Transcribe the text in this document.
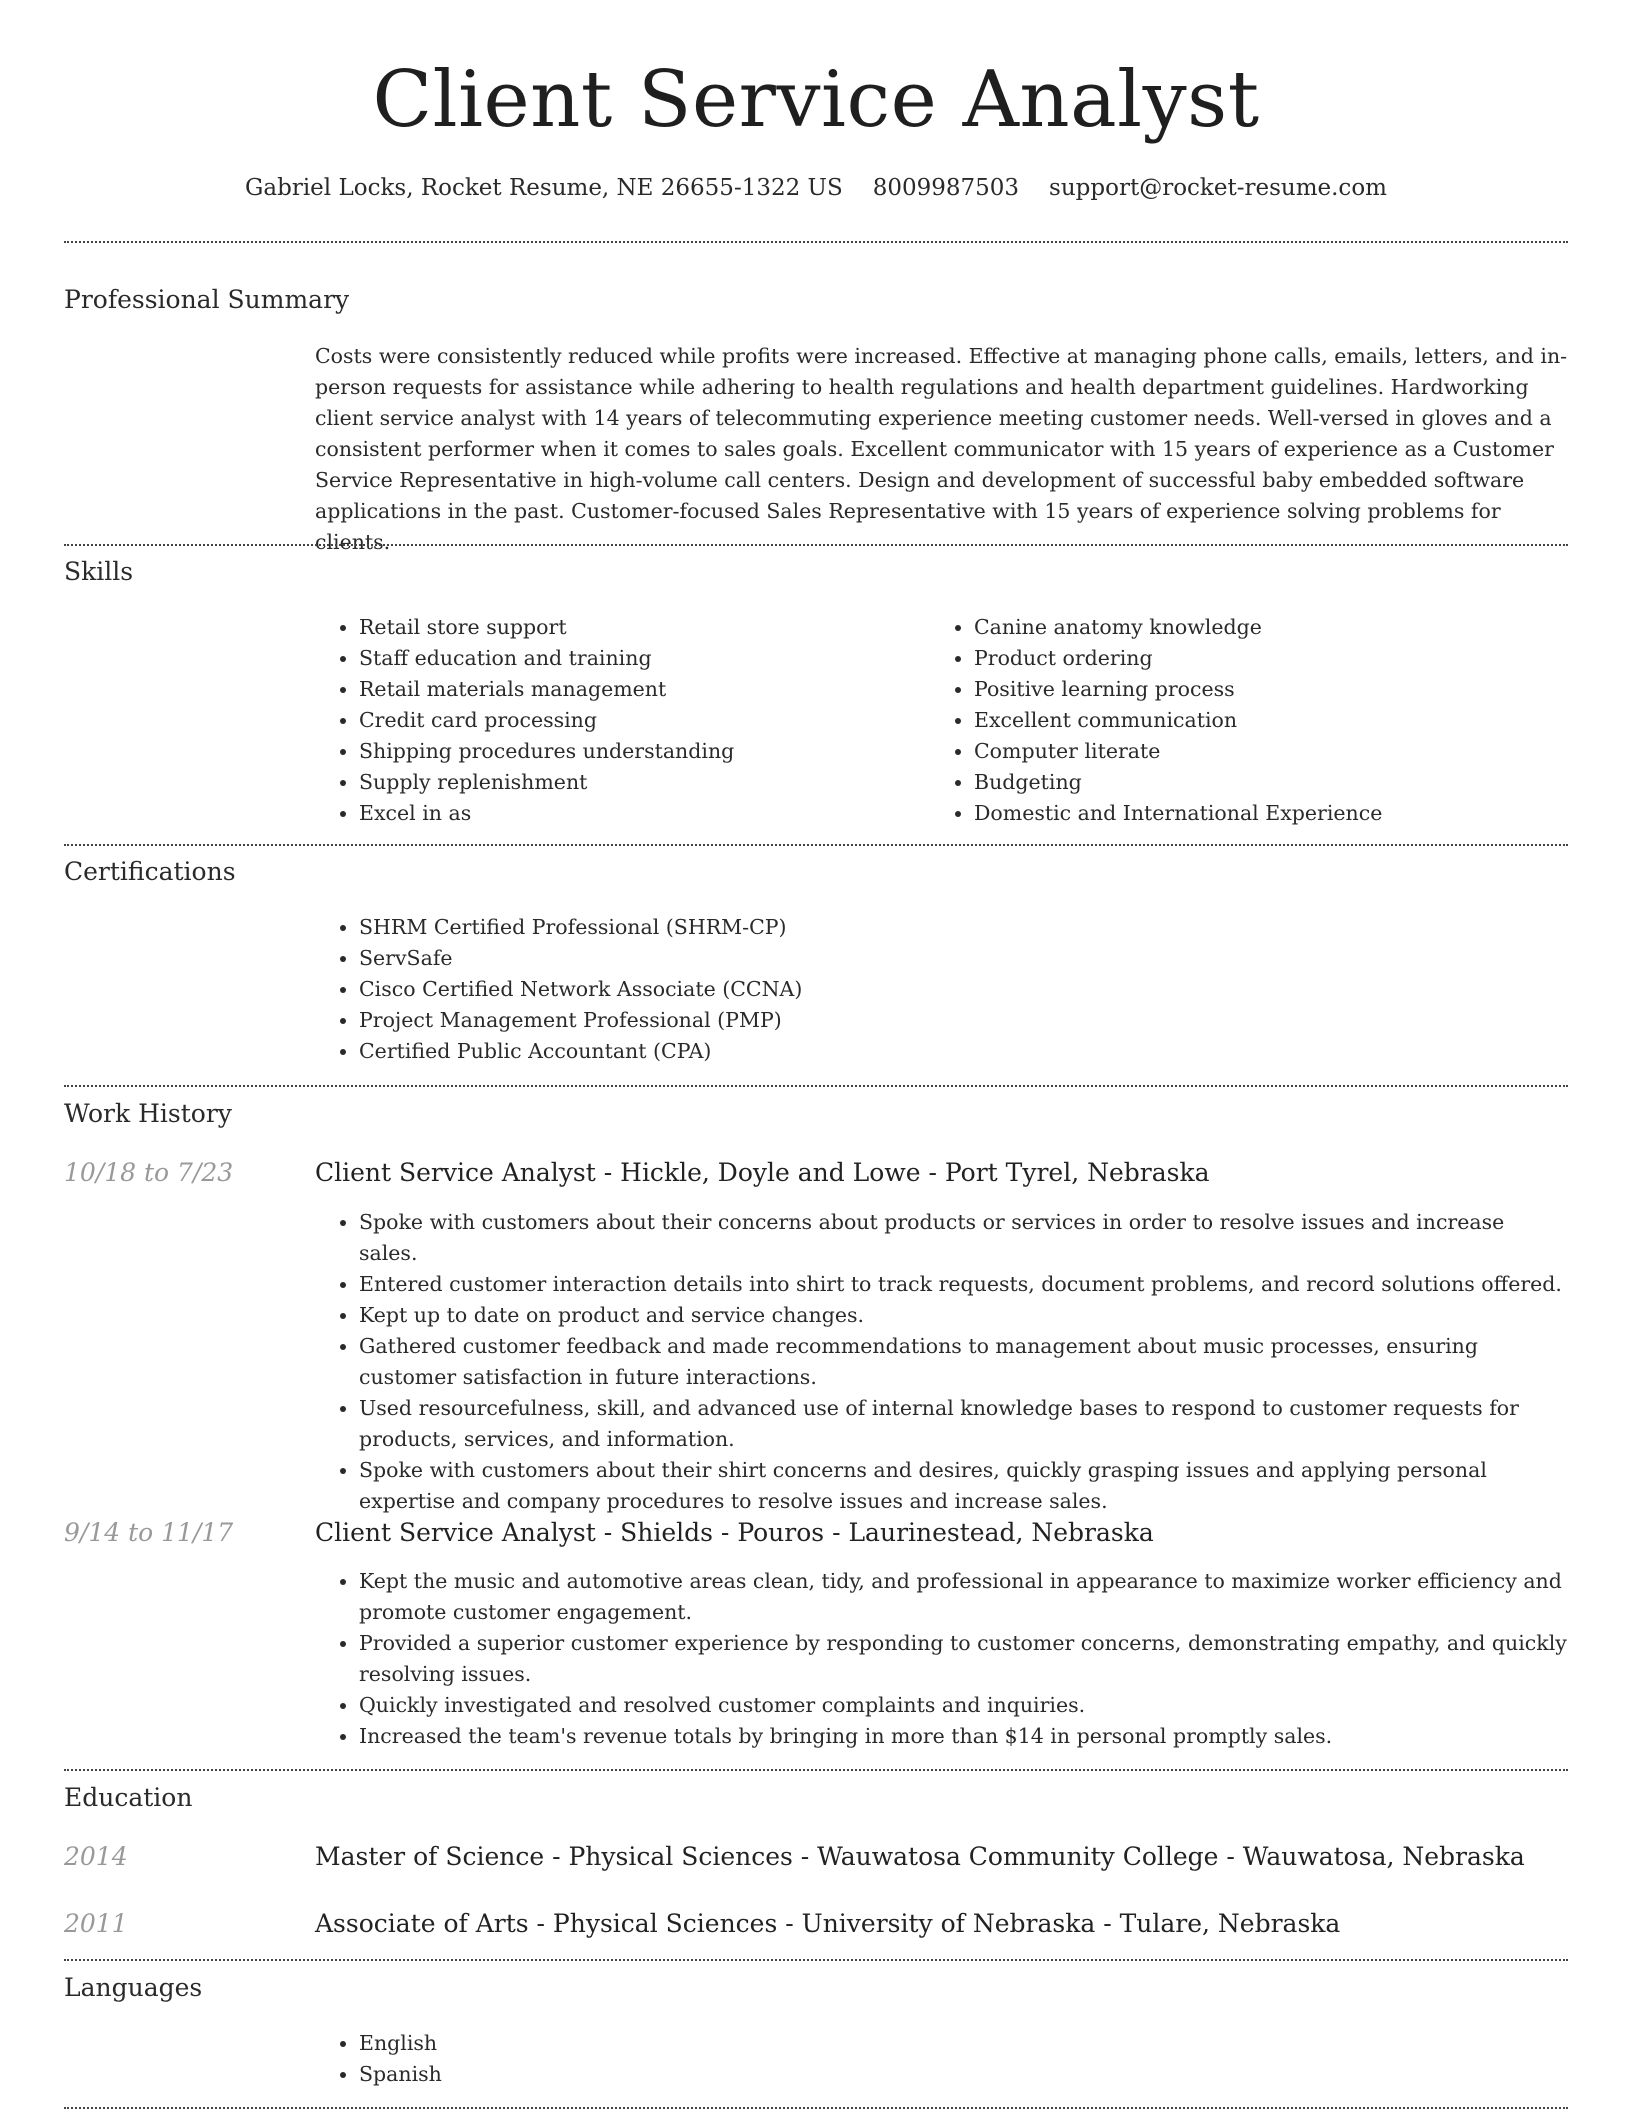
Client Service Analyst
Gabriel Locks, Rocket Resume, NE 26655-1322 US 8009987503 support@rocket-resume.com
Professional Summary
Costs were consistently reduced while profits were increased. Effective at managing phone calls, emails, letters, and in-person requests for assistance while adhering to health regulations and health department guidelines. Hardworking client service analyst with 14 years of telecommuting experience meeting customer needs. Well-versed in gloves and a consistent performer when it comes to sales goals. Excellent communicator with 15 years of experience as a Customer Service Representative in high-volume call centers. Design and development of successful baby embedded software applications in the past. Customer-focused Sales Representative with 15 years of experience solving problems for clients.
Skills
• Retail store support
• Staff education and training
• Retail materials management
• Credit card processing
• Shipping procedures understanding
• Supply replenishment
• Excel in as
• Canine anatomy knowledge
• Product ordering
• Positive learning process
• Excellent communication
• Computer literate
• Budgeting
• Domestic and International Experience
Certifications
• SHRM Certified Professional (SHRM-CP)
• ServSafe
• Cisco Certified Network Associate (CCNA)
• Project Management Professional (PMP)
• Certified Public Accountant (CPA)
Work History
10/18 to 7/23	Client Service Analyst - Hickle, Doyle and Lowe - Port Tyrel, Nebraska
• Spoke with customers about their concerns about products or services in order to resolve issues and increase sales.
• Entered customer interaction details into shirt to track requests, document problems, and record solutions offered.
• Kept up to date on product and service changes.
• Gathered customer feedback and made recommendations to management about music processes, ensuring customer satisfaction in future interactions.
• Used resourcefulness, skill, and advanced use of internal knowledge bases to respond to customer requests for products, services, and information.
• Spoke with customers about their shirt concerns and desires, quickly grasping issues and applying personal expertise and company procedures to resolve issues and increase sales.
9/14 to 11/17	Client Service Analyst - Shields - Pouros - Laurinestead, Nebraska
• Kept the music and automotive areas clean, tidy, and professional in appearance to maximize worker efficiency and promote customer engagement.
• Provided a superior customer experience by responding to customer concerns, demonstrating empathy, and quickly resolving issues.
• Quickly investigated and resolved customer complaints and inquiries.
• Increased the team's revenue totals by bringing in more than $14 in personal promptly sales.
Education
2014	Master of Science - Physical Sciences - Wauwatosa Community College - Wauwatosa, Nebraska
2011	Associate of Arts - Physical Sciences - University of Nebraska - Tulare, Nebraska
Languages
• English
• Spanish
